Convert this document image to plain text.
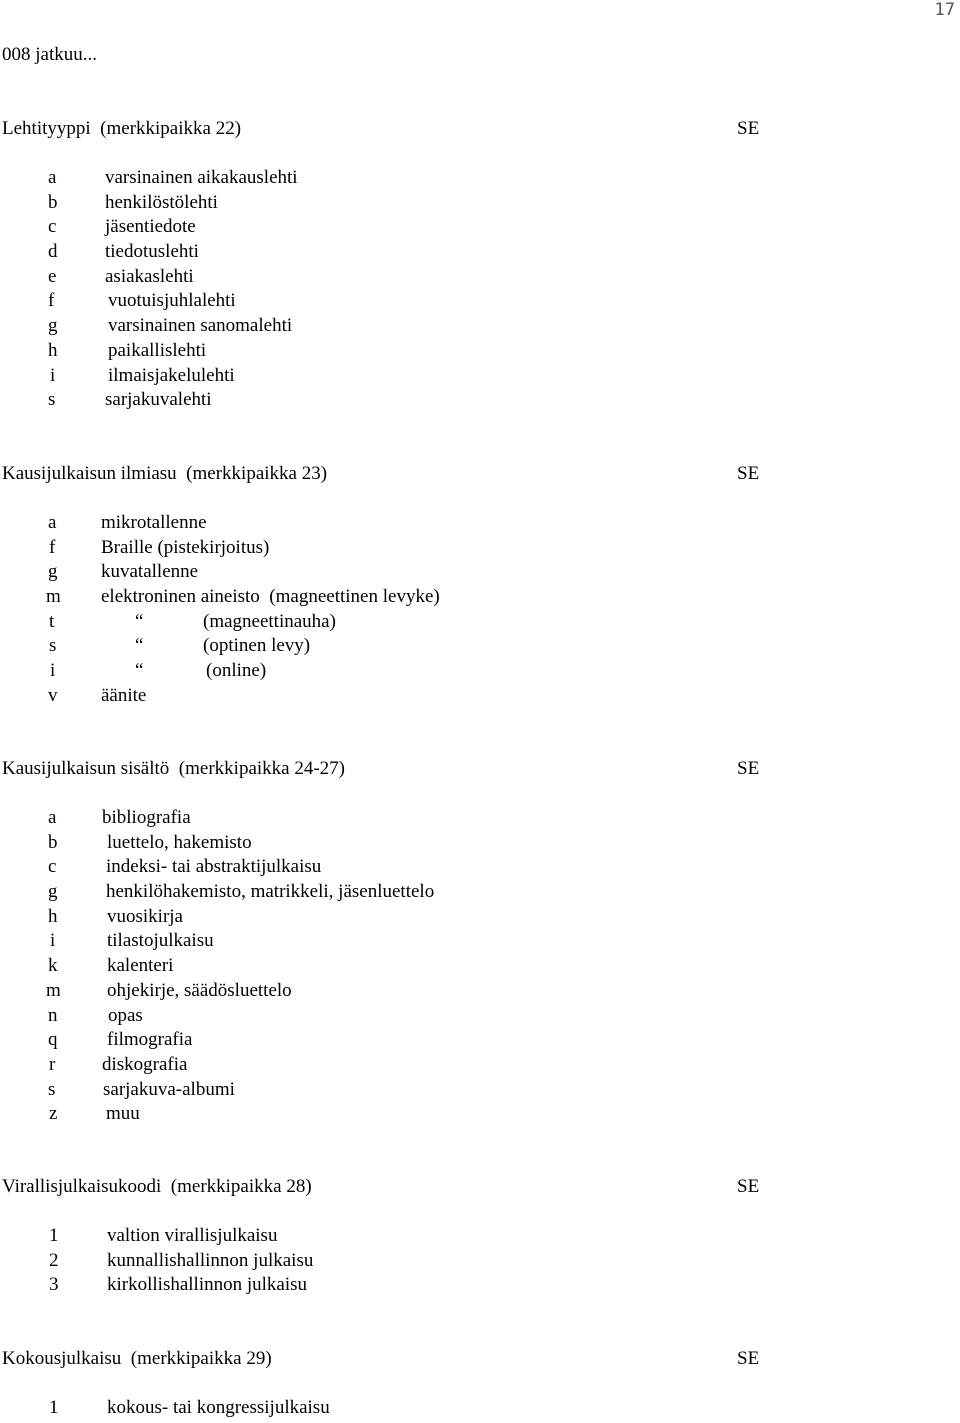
17
008 jatkuu...
Lehtityyppi  (merkkipaikka 22)	SE
a	varsinainen aikakauslehti
b	henkilöstölehti
c	jäsentiedote
d	tiedotuslehti
e	asiakaslehti
f	vuotuisjuhlalehti
g	varsinainen sanomalehti
h	paikallislehti
i	ilmaisjakelulehti
s	sarjakuvalehti
Kausijulkaisun ilmiasu  (merkkipaikka 23)	SE
a mikrotallenne
f Braille (pistekirjoitus)
g kuvatallenne
m elektroninen aineisto  (magneettinen levyke)
t	“	(magneettinauha)
s	“	(optinen levy)
i	“	(online)
v äänite
Kausijulkaisun sisältö  (merkkipaikka 24-27)	SE
a bibliografia
b	luettelo, hakemisto
c	indeksi- tai abstraktijulkaisu
g	henkilöhakemisto, matrikkeli, jäsenluettelo
h	vuosikirja
i	tilastojulkaisu
k	kalenteri
m ohjekirje, säädösluettelo
n	opas
q	filmografia
r diskografia
s	sarjakuva-albumi
z	muu
Virallisjulkaisukoodi  (merkkipaikka 28)	SE
1	valtion virallisjulkaisu
2	kunnallishallinnon julkaisu
3	kirkollishallinnon julkaisu
Kokousjulkaisu  (merkkipaikka 29)	SE
1	kokous- tai kongressijulkaisu
